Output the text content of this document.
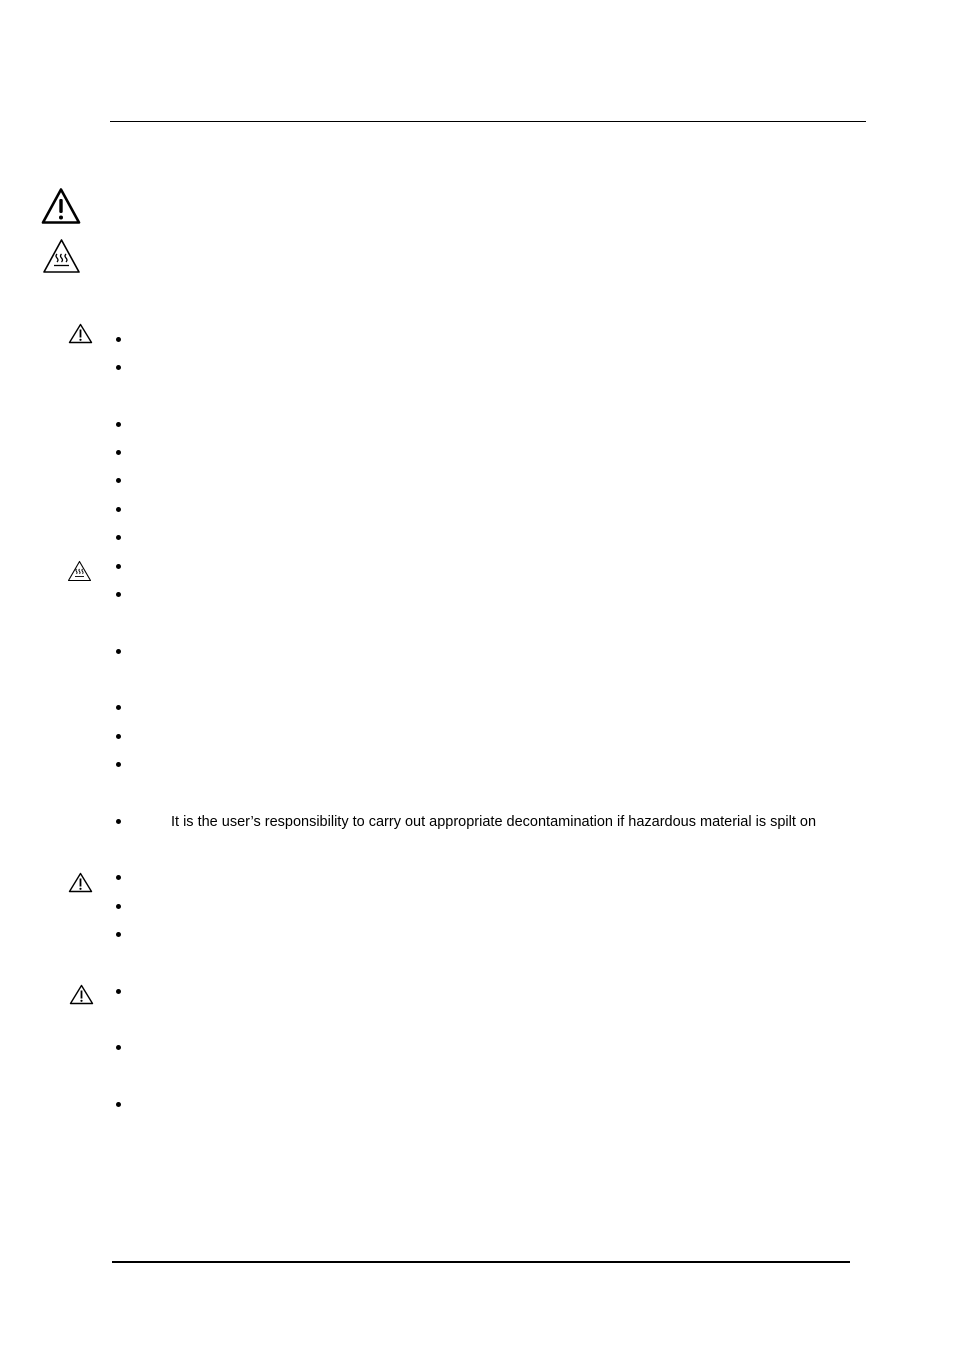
It is the user’s responsibility to carry out appropriate decontamination if hazardous material is spilt on
